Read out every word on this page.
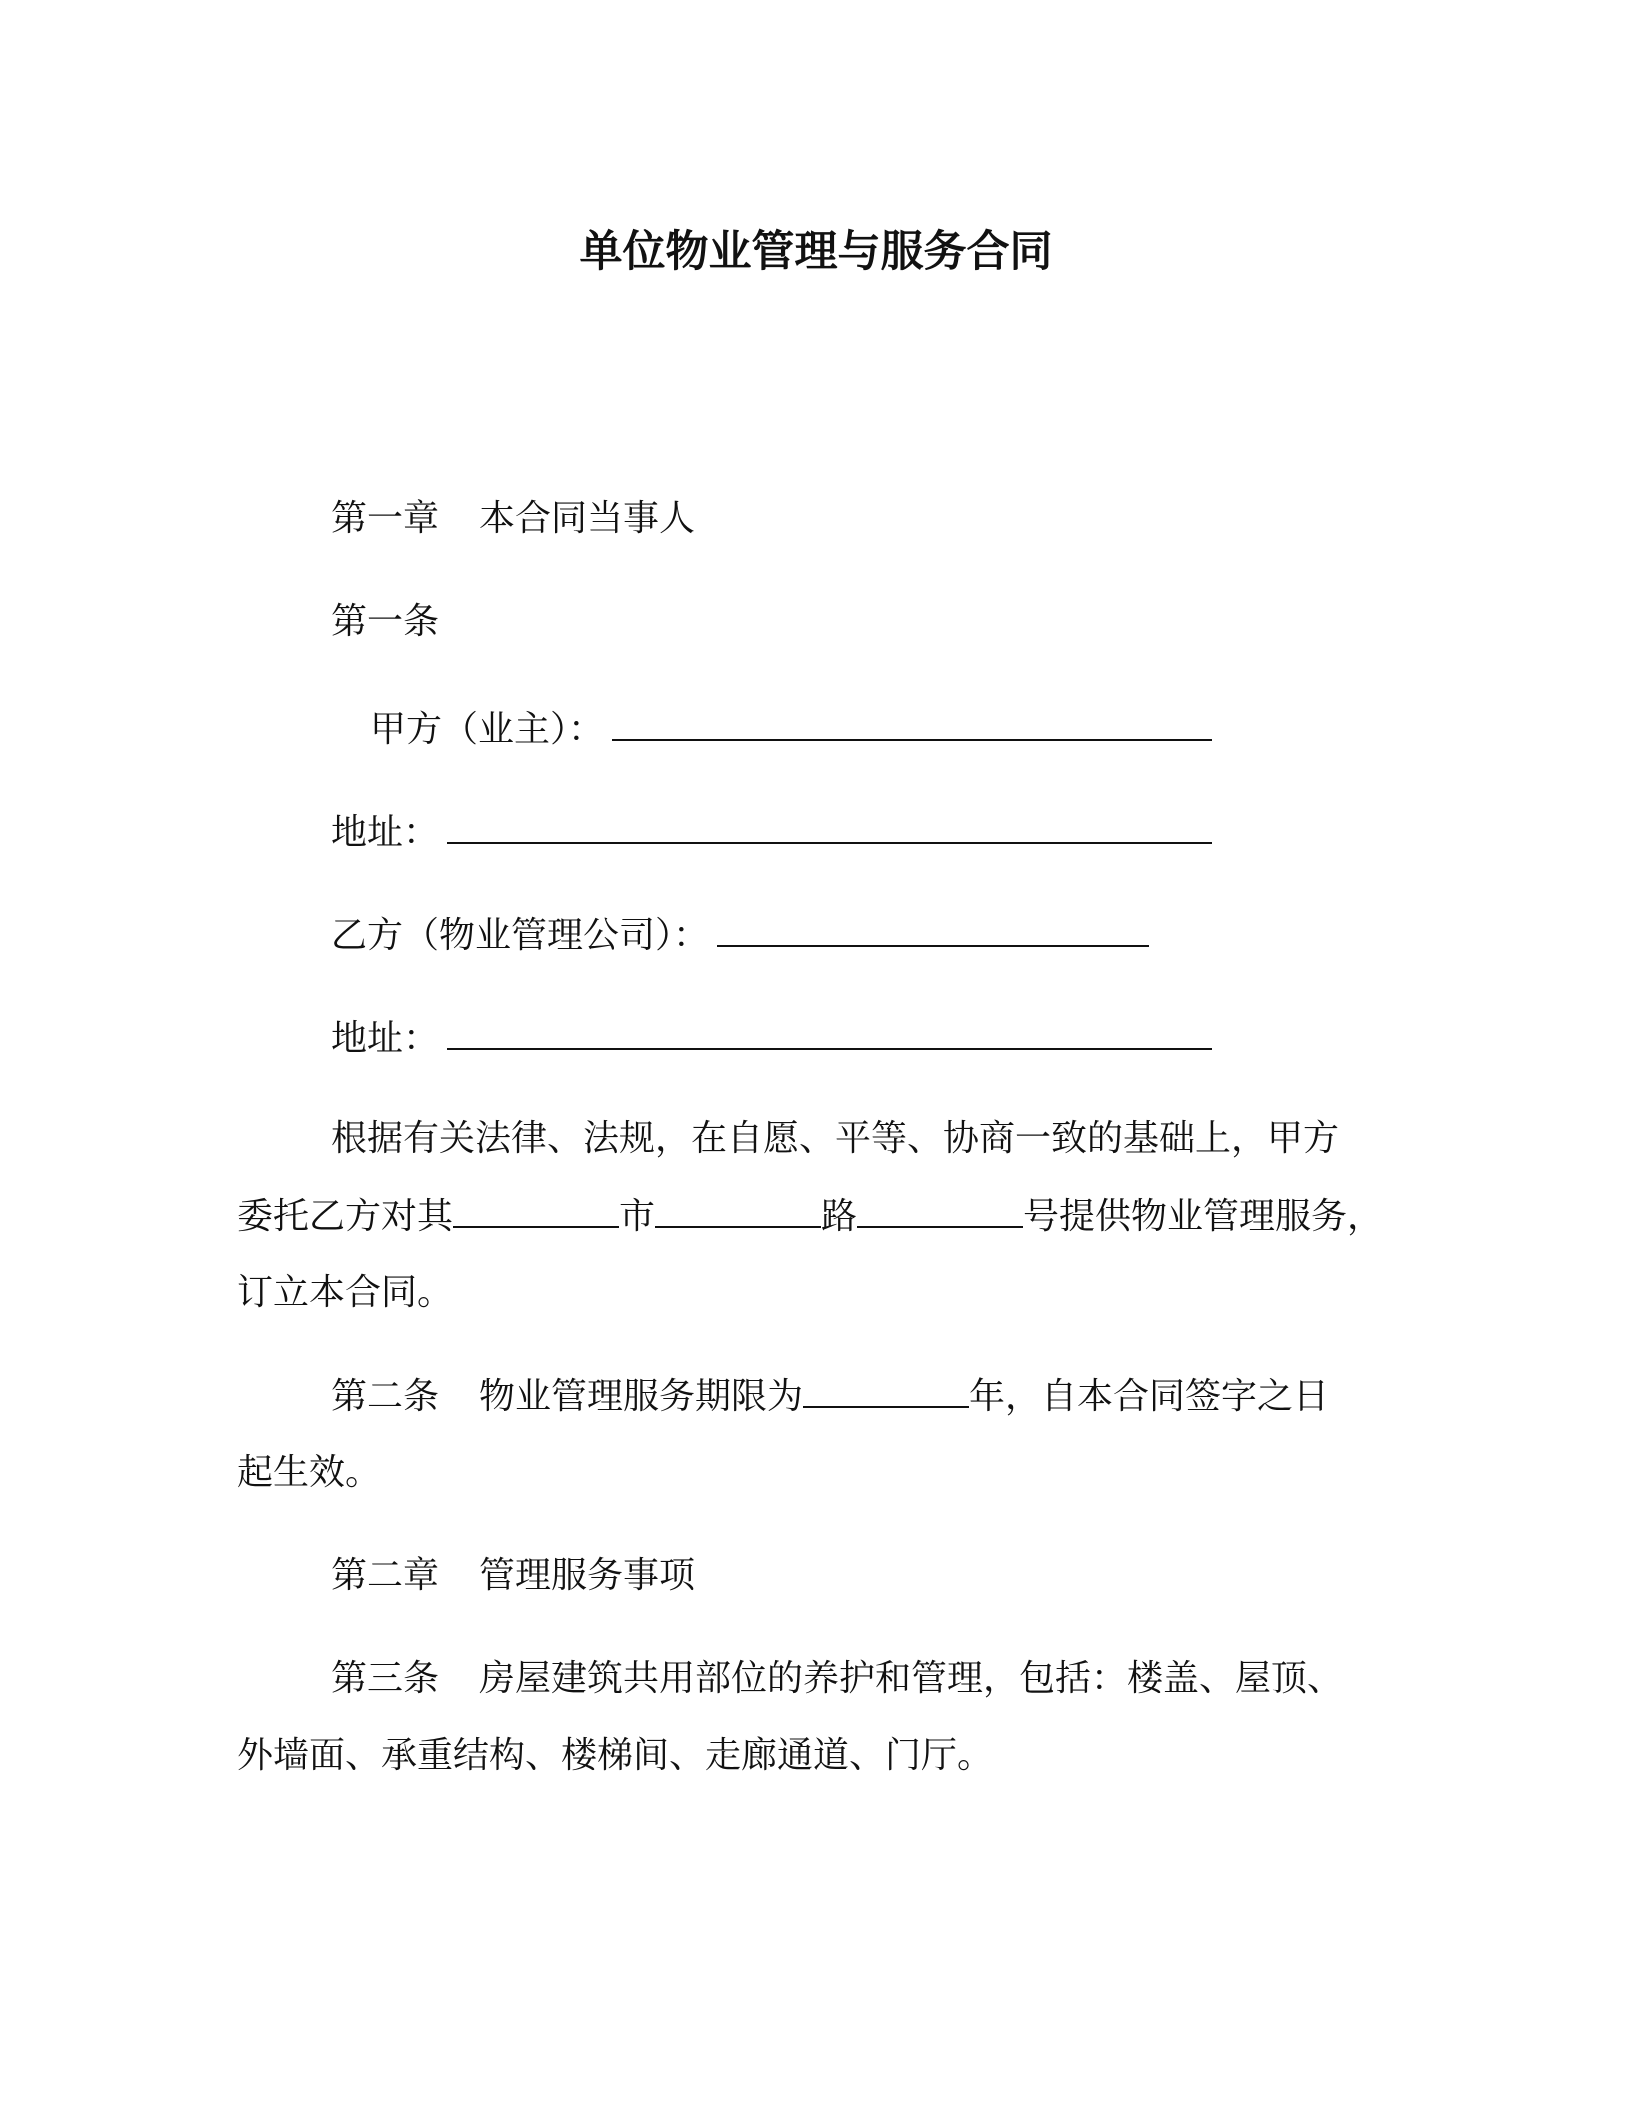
单位物业管理与服务合同
第一章 本合同当事人
第一条
甲方（业主）：
地址：
乙方（物业管理公司）：
地址：
根据有关法律、法规，在自愿、平等、协商一致的基础上，甲方
委托乙方对其	市	路	号提供物业管理服务，
订立本合同。
第二条 物业管理服务期限为	年，自本合同签字之日
起生效。
第二章 管理服务事项
第三条 房屋建筑共用部位的养护和管理，包括：楼盖、屋顶、
外墙面、承重结构、楼梯间、走廊通道、门厅。
